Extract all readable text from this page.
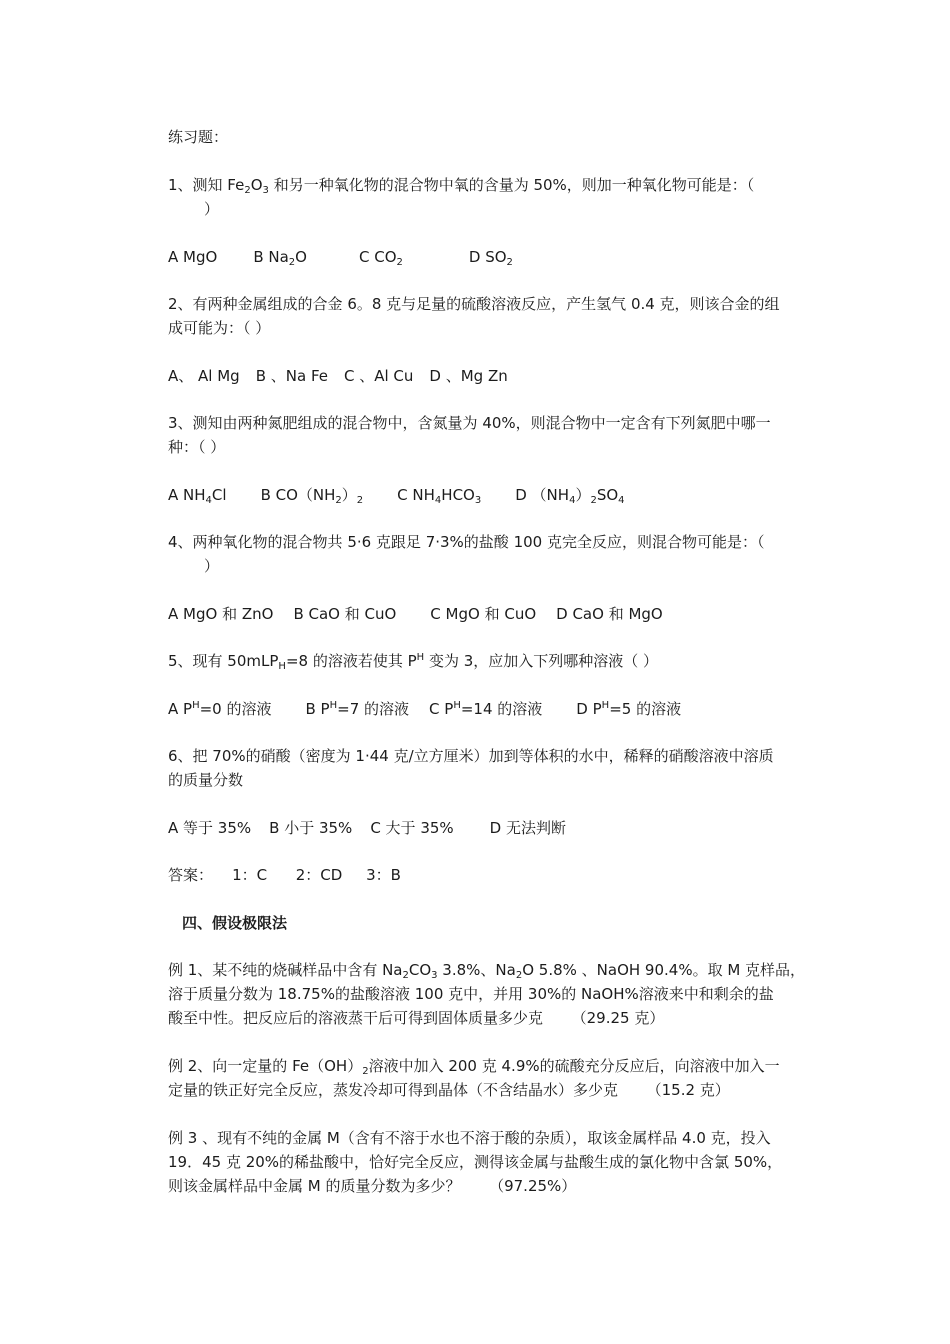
练习题：
1、测知 $Fe_2O_3$ 和另一种氧化物的混合物中氧的含量为 50%，则加一种氧化物可能是：（
）
A MgO B $Na_2O$	C $CO_2$	D $SO_2$
2、有两种金属组成的合金 6。8 克与足量的硫酸溶液反应，产生氢气 0.4 克，则该合金的组
成可能为：（ ）
A、 Al Mg B 、Na Fe C 、Al Cu D 、Mg Zn
3、测知由两种氮肥组成的混合物中，含氮量为 40%，则混合物中一定含有下列氮肥中哪一
种：（ ）
A $NH_4Cl$ B $CO(NH_2)_2$ C $NH_4HCO_3$ D $(NH_4)_2SO_4$
4、两种氧化物的混合物共 5·6 克跟足 7·3%的盐酸 100 克完全反应，则混合物可能是：（
）
A MgO 和 ZnO B CaO 和 CuO C MgO 和 CuO D CaO 和 MgO
5、现有 50mLP$_H$=8 的溶液若使其 $P^H$ 变为 3，应加入下列哪种溶液（ ）
A $P^H=0$ 的溶液 B $P^H=7$ 的溶液 C $P^H=14$ 的溶液 D $P^H=5$ 的溶液
6、把 70%的硝酸（密度为 1·44 克/立方厘米）加到等体积的水中，稀释的硝酸溶液中溶质
的质量分数
A 等于 35% B 小于 35% C 大于 35% D 无法判断
答案：    1：C      2：CD     3：B
四、假设极限法
例 1、某不纯的烧碱样品中含有 $Na_2CO_3$ 3.8%、$Na_2O$ 5.8% 、NaOH 90.4%。取 M 克样品，
溶于质量分数为 18.75%的盐酸溶液 100 克中，并用 30%的 NaOH%溶液来中和剩余的盐
酸至中性。把反应后的溶液蒸干后可得到固体质量多少克      （29.25 克）
例 2、向一定量的 $Fe(OH)_2$溶液中加入 200 克 4.9%的硫酸充分反应后，向溶液中加入一
定量的铁正好完全反应，蒸发冷却可得到晶体（不含结晶水）多少克      （15.2 克）
例 3 、现有不纯的金属 M（含有不溶于水也不溶于酸的杂质），取该金属样品 4.0 克，投入
19．45 克 20%的稀盐酸中，恰好完全反应，测得该金属与盐酸生成的氯化物中含氯 50%，
则该金属样品中金属 M 的质量分数为多少？      （97.25%）
